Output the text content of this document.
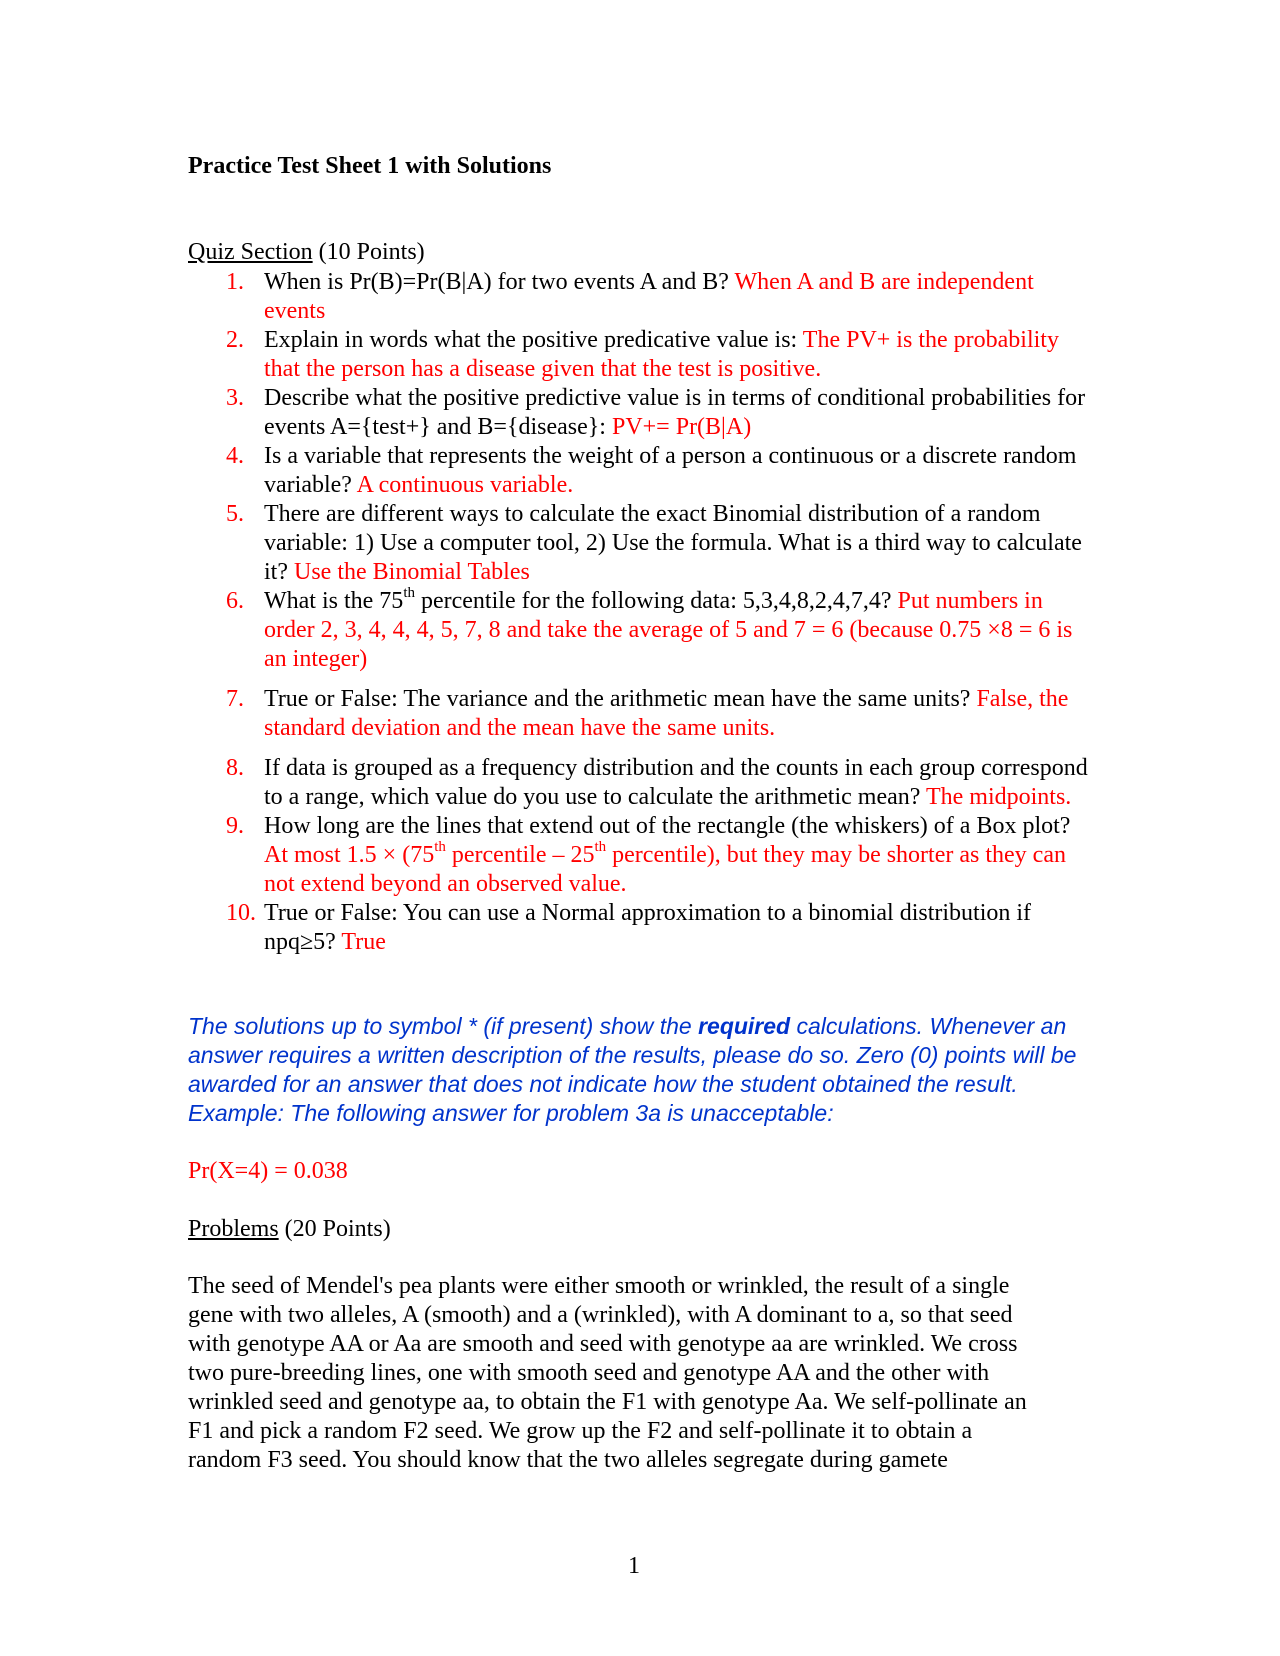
Practice Test Sheet 1 with Solutions
Quiz Section (10 Points)
1. When is Pr(B)=Pr(B|A) for two events A and B? When A and B are independent events
2. Explain in words what the positive predicative value is: The PV+ is the probability that the person has a disease given that the test is positive.
3. Describe what the positive predictive value is in terms of conditional probabilities for events A={test+} and B={disease}: PV+= Pr(B|A)
4. Is a variable that represents the weight of a person a continuous or a discrete random variable? A continuous variable.
5. There are different ways to calculate the exact Binomial distribution of a random variable: 1) Use a computer tool, 2) Use the formula. What is a third way to calculate it? Use the Binomial Tables
6. What is the 75th percentile for the following data: 5,3,4,8,2,4,7,4? Put numbers in order 2, 3, 4, 4, 4, 5, 7, 8 and take the average of 5 and 7 = 6 (because 0.75 ×8 = 6 is an integer)
7. True or False: The variance and the arithmetic mean have the same units? False, the standard deviation and the mean have the same units.
8. If data is grouped as a frequency distribution and the counts in each group correspond to a range, which value do you use to calculate the arithmetic mean? The midpoints.
9. How long are the lines that extend out of the rectangle (the whiskers) of a Box plot? At most 1.5 × (75th percentile – 25th percentile), but they may be shorter as they can not extend beyond an observed value.
10. True or False: You can use a Normal approximation to a binomial distribution if npq≥5? True
The solutions up to symbol * (if present) show the required calculations. Whenever an answer requires a written description of the results, please do so. Zero (0) points will be awarded for an answer that does not indicate how the student obtained the result. Example: The following answer for problem 3a is unacceptable:
Pr(X=4) = 0.038
Problems (20 Points)
The seed of Mendel's pea plants were either smooth or wrinkled, the result of a single
gene with two alleles, A (smooth) and a (wrinkled), with A dominant to a, so that seed
with genotype AA or Aa are smooth and seed with genotype aa are wrinkled. We cross
two pure-breeding lines, one with smooth seed and genotype AA and the other with
wrinkled seed and genotype aa, to obtain the F1 with genotype Aa. We self-pollinate an
F1 and pick a random F2 seed. We grow up the F2 and self-pollinate it to obtain a
random F3 seed. You should know that the two alleles segregate during gamete
1
